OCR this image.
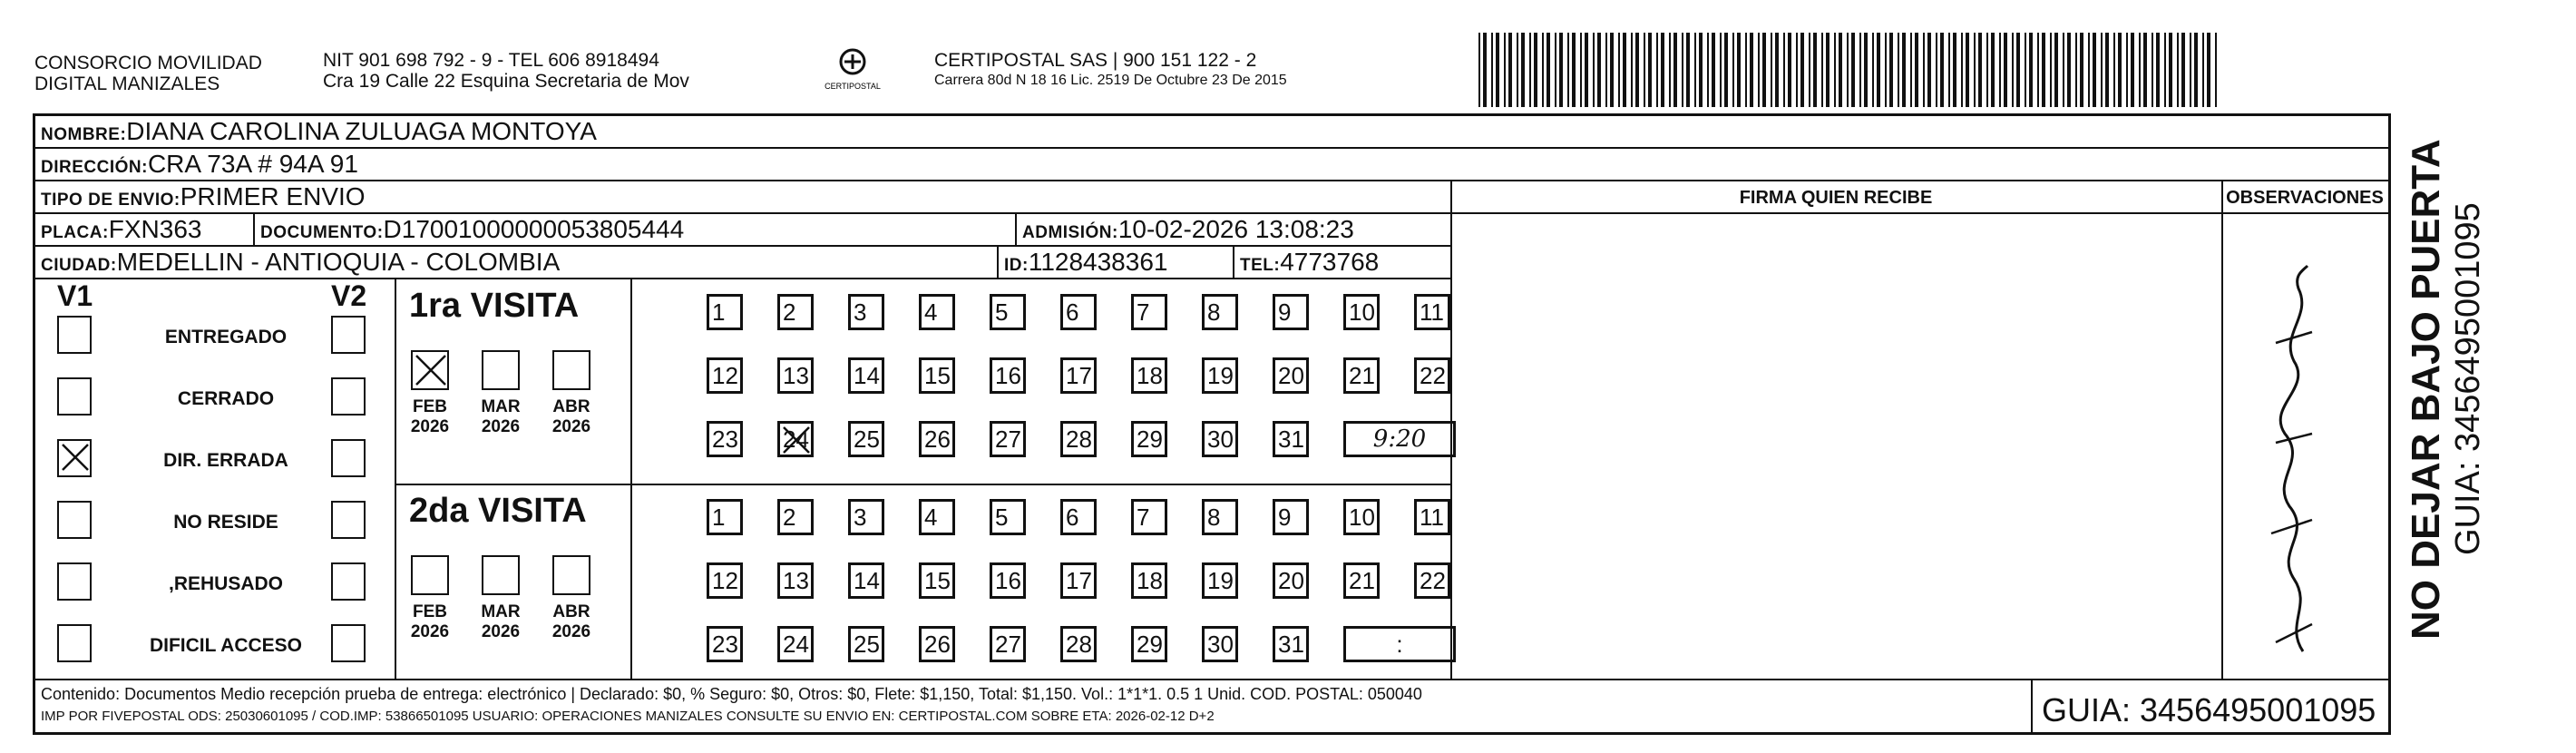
CONSORCIO MOVILIDAD
DIGITAL MANIZALES
NIT 901 698 792 - 9 - TEL 606 8918494
Cra 19 Calle 22 Esquina Secretaria de Mov	CERTIPOSTAL
CERTIPOSTAL SAS | 900 151 122 - 2
Carrera 80d N 18 16 Lic. 2519 De Octubre 23 De 2015
NOMBRE:DIANA CAROLINA ZULUAGA MONTOYA
DIRECCIÓN:CRA 73A # 94A 91
TIPO DE ENVIO:PRIMER ENVIO
PLACA:FXN363	DOCUMENTO:D17001000000053805444	ADMISIÓN:10-02-2026 13:08:23
CIUDAD:MEDELLIN - ANTIOQUIA - COLOMBIA	ID:1128438361	TEL:4773768
FIRMA QUIEN RECIBE	OBSERVACIONES
V1	V2
ENTREGADO
CERRADO
DIR. ERRADA
NO RESIDE
,REHUSADO
DIFICIL ACCESO
1ra VISITA
FEB
2026
MAR
2026
ABR
2026
1	2	3	4	5	6	7	8	9	10 11
12 13 14 15 16 17 18 19 20 21 22
23 24 25 26 27 28 29 30 31	9:20
2da VISITA
FEB
2026
MAR
2026
ABR
2026
1	2	3	4	5	6	7	8	9	10 11
12 13 14 15 16 17 18 19 20 21 22
23 24 25 26 27 28 29 30 31	:
Contenido: Documentos Medio recepción prueba de entrega: electrónico | Declarado: $0, % Seguro: $0, Otros: $0, Flete: $1,150, Total: $1,150. Vol.: 1*1*1. 0.5 1 Unid. COD. POSTAL: 050040
IMP POR FIVEPOSTAL ODS: 25030601095 / COD.IMP: 53866501095 USUARIO: OPERACIONES MANIZALES CONSULTE SU ENVIO EN: CERTIPOSTAL.COM SOBRE ETA: 2026-02-12 D+2	GUIA: 3456495001095
NO DEJAR BAJO PUERTA GUIA: 3456495001095
